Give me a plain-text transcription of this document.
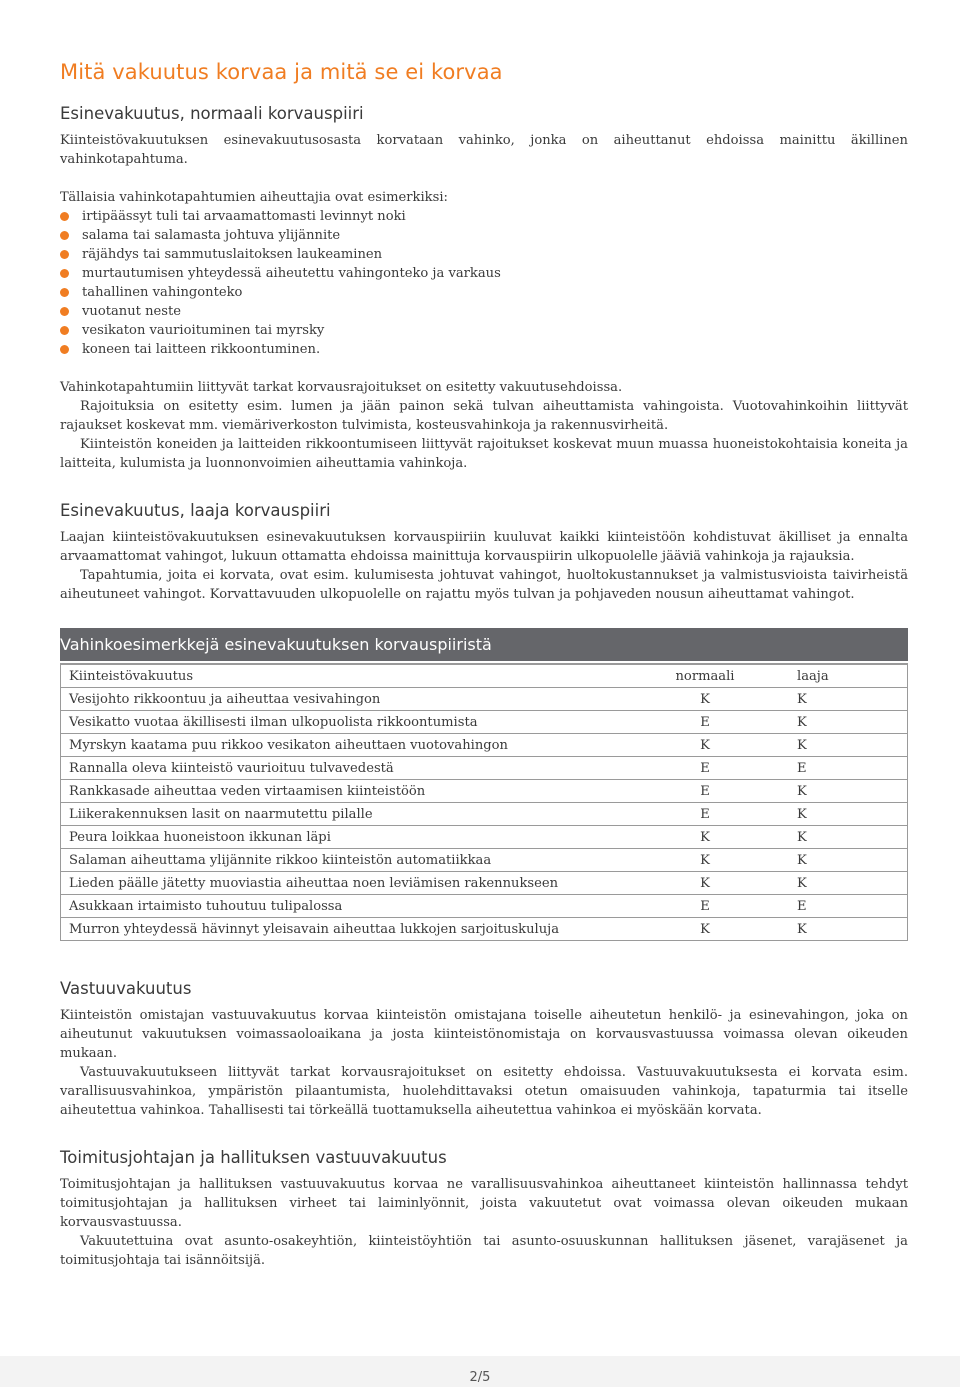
Mitä vakuutus korvaa ja mitä se ei korvaa
Esinevakuutus, normaali korvauspiiri

Kiinteistövakuutuksen esinevakuutusosasta korvataan vahinko, jonka on aiheuttanut ehdoissa mainittu äkillinen vahinkotapahtuma.

Tällaisia vahinkotapahtumien aiheuttajia ovat esimerkiksi:

irtipäässyt tuli tai arvaamattomasti levinnyt noki
salama tai salamasta johtuva ylijännite
räjähdys tai sammutuslaitoksen laukeaminen
murtautumisen yhteydessä aiheutettu vahingonteko ja varkaus
tahallinen vahingonteko
vuotanut neste
vesikaton vaurioituminen tai myrsky
koneen tai laitteen rikkoontuminen.

Vahinkotapahtumiin liittyvät tarkat korvausrajoitukset on esitetty vakuutusehdoissa.

Rajoituksia on esitetty esim. lumen ja jään painon sekä tulvan aiheuttamista vahingoista. Vuotovahinkoihin liittyvät rajaukset koskevat mm. viemäriverkoston tulvimista, kosteusvahinkoja ja rakennusvirheitä.

Kiinteistön koneiden ja laitteiden rikkoontumiseen liittyvät rajoitukset koskevat muun muassa huoneistokohtaisia koneita ja laitteita, kulumista ja luonnonvoimien aiheuttamia vahinkoja.

Esinevakuutus, laaja korvauspiiri

Laajan kiinteistövakuutuksen esinevakuutuksen korvauspiiriin kuuluvat kaikki kiinteistöön kohdistuvat äkilliset ja ennalta arvaamattomat vahingot, lukuun ottamatta ehdoissa mainittuja korvauspiirin ulkopuolelle jääviä vahinkoja ja rajauksia.

Tapahtumia, joita ei korvata, ovat esim. kulumisesta johtuvat vahingot, huoltokustannukset ja valmistusvioista taivirheistä aiheutuneet vahingot. Korvattavuuden ulkopuolelle on rajattu myös tulvan ja pohjaveden nousun aiheuttamat vahingot.

Vahinkoesimerkkejä esinevakuutuksen korvauspiiristä
Kiinteistövakuutus	normaali	laaja
Vesijohto rikkoontuu ja aiheuttaa vesivahingon	K	K
Vesikatto vuotaa äkillisesti ilman ulkopuolista rikkoontumista	E	K
Myrskyn kaatama puu rikkoo vesikaton aiheuttaen vuotovahingon	K	K
Rannalla oleva kiinteistö vaurioituu tulvavedestä	E	E
Rankkasade aiheuttaa veden virtaamisen kiinteistöön	E	K
Liikerakennuksen lasit on naarmutettu pilalle	E	K
Peura loikkaa huoneistoon ikkunan läpi	K	K
Salaman aiheuttama ylijännite rikkoo kiinteistön automatiikkaa	K	K
Lieden päälle jätetty muoviastia aiheuttaa noen leviämisen rakennukseen	K	K
Asukkaan irtaimisto tuhoutuu tulipalossa	E	E
Murron yhteydessä hävinnyt yleisavain aiheuttaa lukkojen sarjoituskuluja	K	K
Vastuuvakuutus

Kiinteistön omistajan vastuuvakuutus korvaa kiinteistön omistajana toiselle aiheutetun henkilö- ja esinevahingon, joka on aiheutunut vakuutuksen voimassaoloaikana ja josta kiinteistönomistaja on korvausvastuussa voimassa olevan oikeuden mukaan.

Vastuuvakuutukseen liittyvät tarkat korvausrajoitukset on esitetty ehdoissa. Vastuuvakuutuksesta ei korvata esim. varallisuusvahinkoa, ympäristön pilaantumista, huolehdittavaksi otetun omaisuuden vahinkoja, tapaturmia tai itselle aiheutettua vahinkoa. Tahallisesti tai törkeällä tuottamuksella aiheutettua vahinkoa ei myöskään korvata.

Toimitusjohtajan ja hallituksen vastuuvakuutus

Toimitusjohtajan ja hallituksen vastuuvakuutus korvaa ne varallisuusvahinkoa aiheuttaneet kiinteistön hallinnassa tehdyt toimitusjohtajan ja hallituksen virheet tai laiminlyönnit, joista vakuutetut ovat voimassa olevan oikeuden mukaan korvausvastuussa.

Vakuutettuina ovat asunto-osakeyhtiön, kiinteistöyhtiön tai asunto-osuuskunnan hallituksen jäsenet, varajäsenet ja toimitusjohtaja tai isännöitsijä.

2/5
